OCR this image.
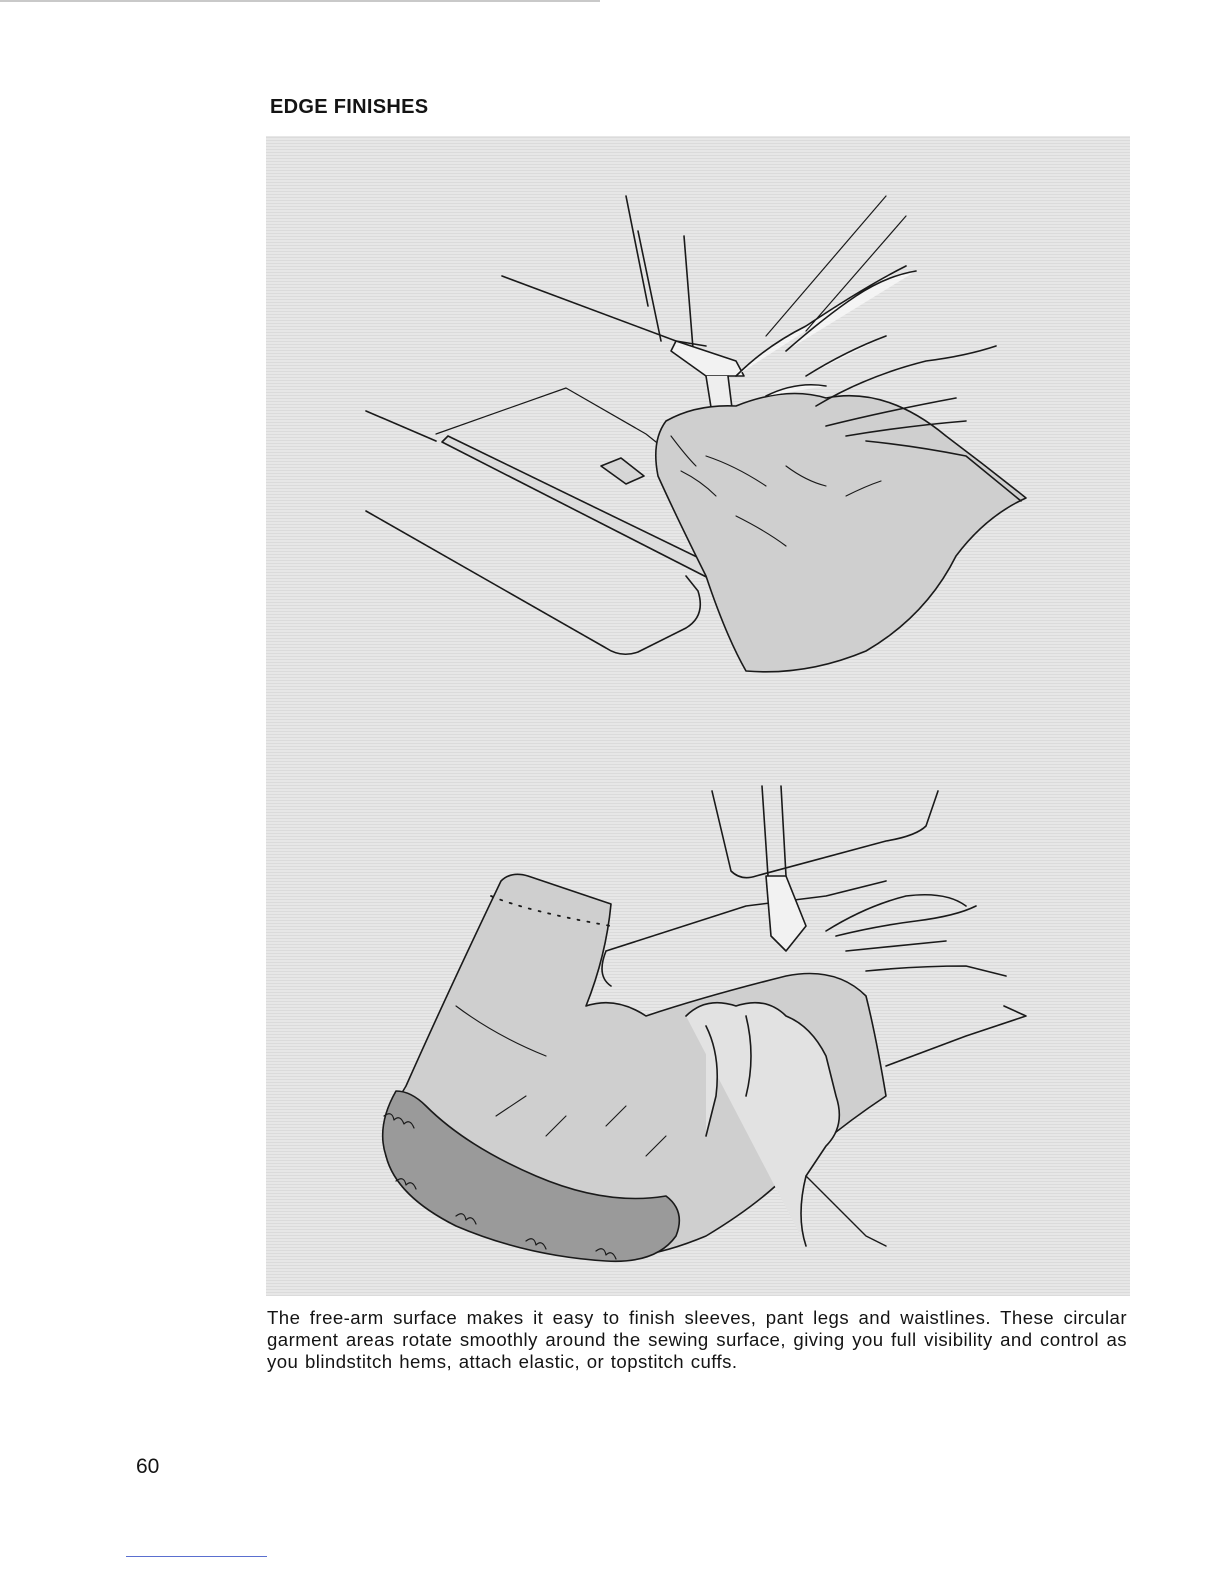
EDGE FINISHES

The free-arm surface makes it easy to finish sleeves, pant legs and waistlines. These circular garment areas rotate smoothly around the sewing surface, giving you full visibility and control as you blindstitch hems, attach elastic, or topstitch cuffs.

60
